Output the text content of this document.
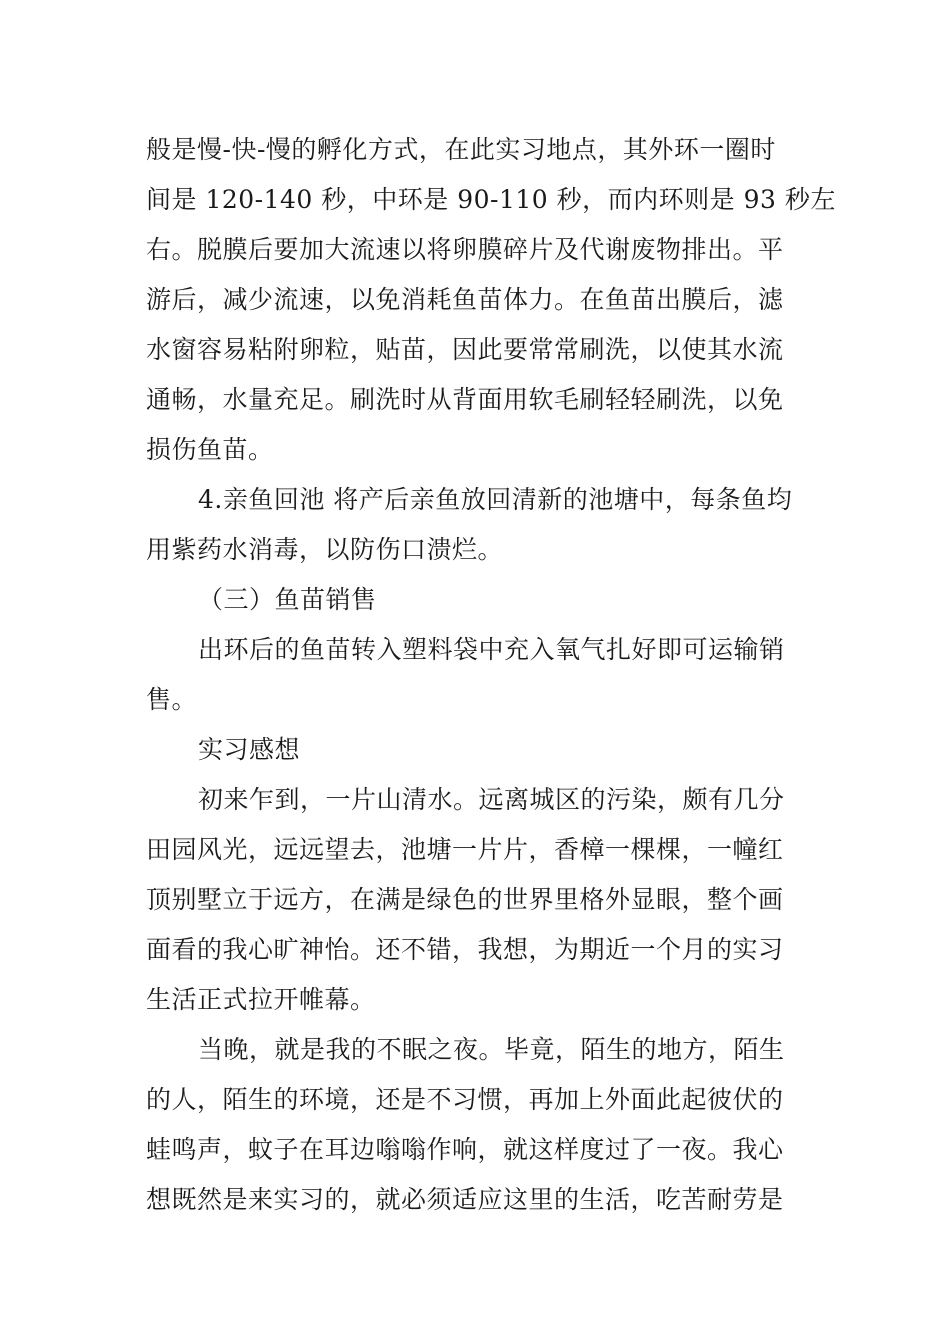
般是慢-快-慢的孵化方式，在此实习地点，其外环一圈时
间是 120-140 秒，中环是 90-110 秒，而内环则是 93 秒左
右。脱膜后要加大流速以将卵膜碎片及代谢废物排出。平
游后，减少流速，以免消耗鱼苗体力。在鱼苗出膜后，滤
水窗容易粘附卵粒，贴苗，因此要常常刷洗，以使其水流
通畅，水量充足。刷洗时从背面用软毛刷轻轻刷洗，以免
损伤鱼苗。
4.亲鱼回池 将产后亲鱼放回清新的池塘中，每条鱼均
用紫药水消毒，以防伤口溃烂。
（三）鱼苗销售
出环后的鱼苗转入塑料袋中充入氧气扎好即可运输销
售。
实习感想
初来乍到，一片山清水。远离城区的污染，颇有几分
田园风光，远远望去，池塘一片片，香樟一棵棵，一幢红
顶别墅立于远方，在满是绿色的世界里格外显眼，整个画
面看的我心旷神怡。还不错，我想，为期近一个月的实习
生活正式拉开帷幕。
当晚，就是我的不眠之夜。毕竟，陌生的地方，陌生
的人，陌生的环境，还是不习惯，再加上外面此起彼伏的
蛙鸣声，蚊子在耳边嗡嗡作响，就这样度过了一夜。我心
想既然是来实习的，就必须适应这里的生活，吃苦耐劳是
